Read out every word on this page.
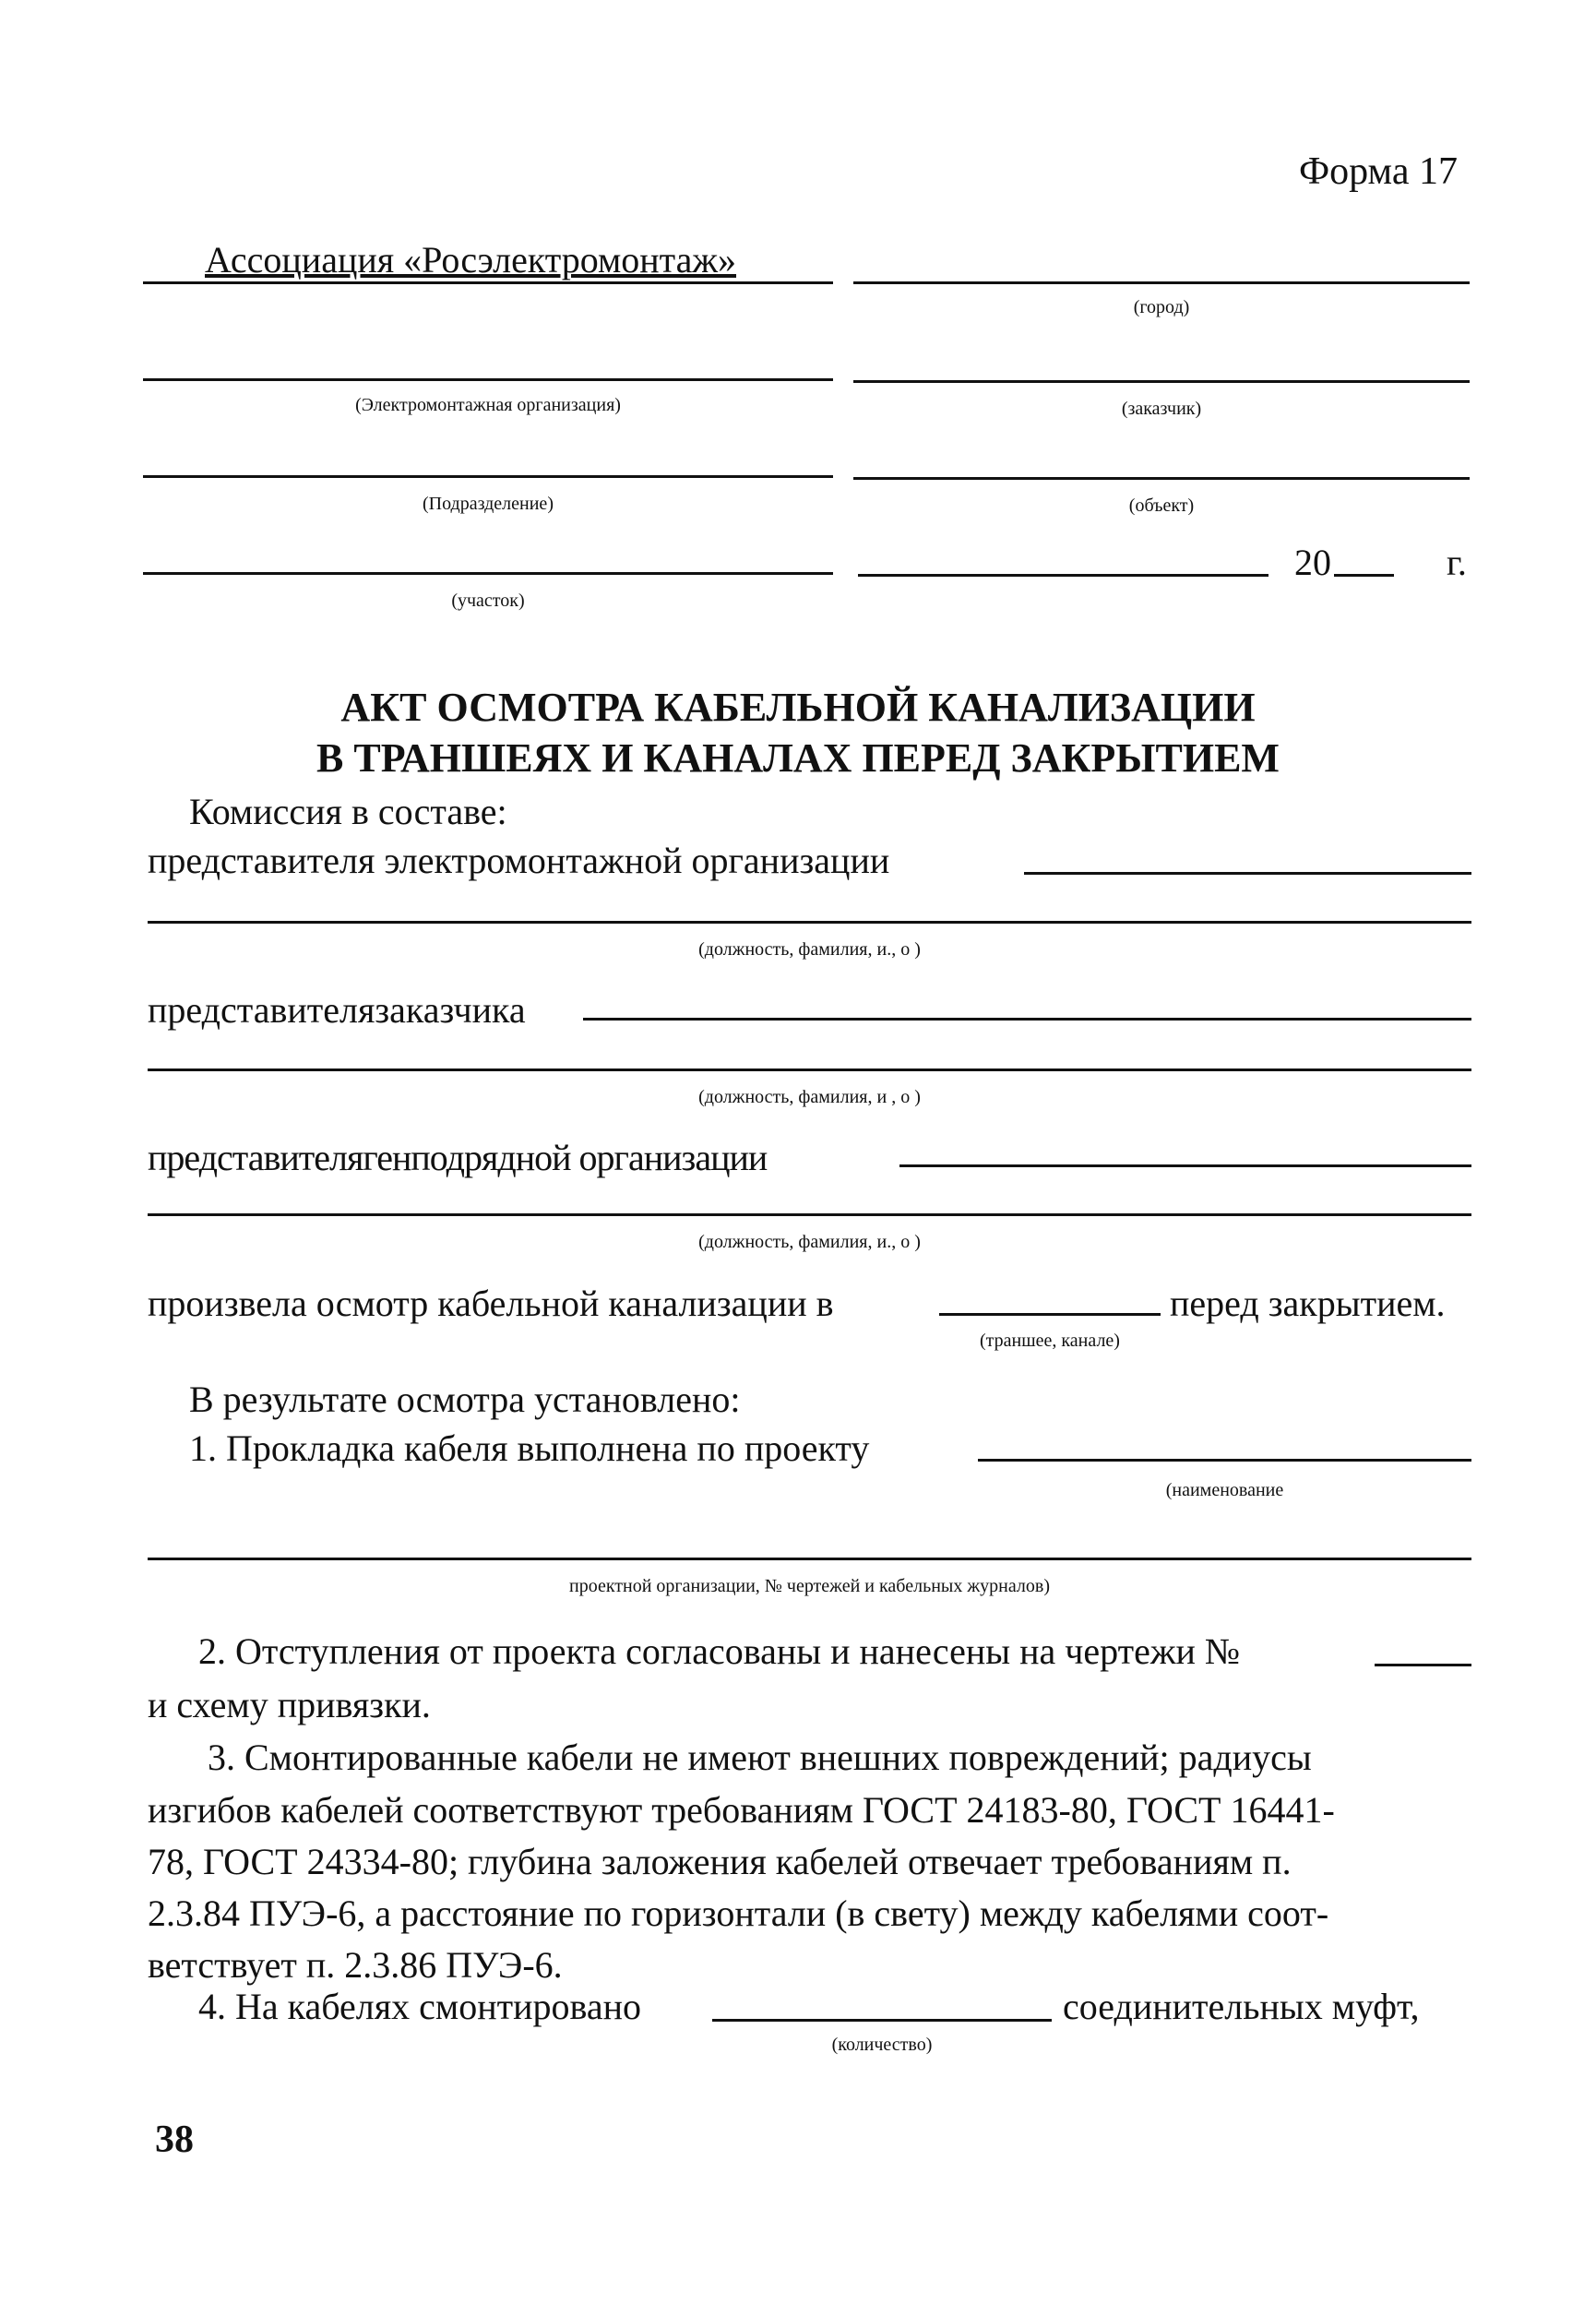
Форма 17
Ассоциация «Росэлектромонтаж»
(город)
(Электромонтажная организация)	(заказчик)
(Подразделение)	(объект)
(участок)
20	г.
АКТ ОСМОТРА КАБЕЛЬНОЙ КАНАЛИЗАЦИИ
В ТРАНШЕЯХ И КАНАЛАХ ПЕРЕД ЗАКРЫТИЕМ
Комиссия в составе:
представителя электромонтажной организации
(должность, фамилия, и., о )
представителязаказчика
(должность, фамилия, и , о )
представителягенподрядной организации
(должность, фамилия, и., о )
произвела осмотр кабельной канализации в	перед закрытием.
(траншее, канале)
В результате осмотра установлено:
1. Прокладка кабеля выполнена по проекту
(наименование
проектной организации, № чертежей и кабельных журналов)
2. Отступления от проекта согласованы и нанесены на чертежи №
и схему привязки.
3. Смонтированные кабели не имеют внешних повреждений; радиусы
изгибов кабелей соответствуют требованиям ГОСТ 24183-80, ГОСТ 16441-
78, ГОСТ 24334-80; глубина заложения кабелей отвечает требованиям п.
2.3.84 ПУЭ-6, а расстояние по горизонтали (в свету) между кабелями соот-
ветствует п. 2.3.86 ПУЭ-6.
4. На кабелях смонтировано	соединительных муфт,
(количество)
38
